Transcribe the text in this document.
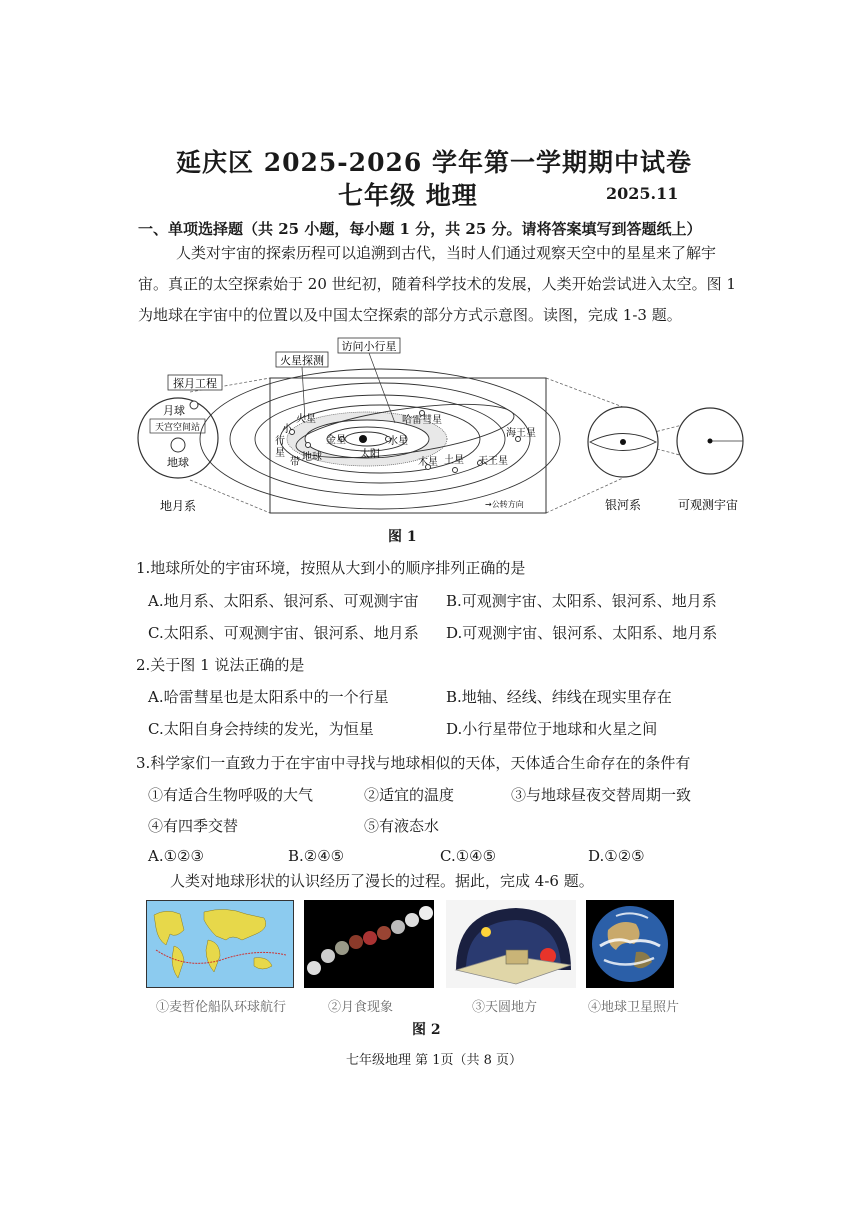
延庆区 2025-2026 学年第一学期期中试卷
七年级 地理	2025.11
一、单项选择题（共 25 小题，每小题 1 分，共 25 分。请将答案填写到答题纸上）
人类对宇宙的探索历程可以追溯到古代，当时人们通过观察天空中的星星来了解宇
宙。真正的太空探索始于 20 世纪初，随着科学技术的发展，人类开始尝试进入太空。图 1
为地球在宇宙中的位置以及中国太空探索的部分方式示意图。读图，完成 1-3 题。
探月工程
月球
天宫空间站
地球
地月系
火星探测
访问小行星
小
火星
行
星
带
金星	水星
太阳
地球
哈雷彗星
木星 土星 天王星
海王星
→公转方向	银河系	可观测宇宙
图 1
1.地球所处的宇宙环境，按照从大到小的顺序排列正确的是
A.地月系、太阳系、银河系、可观测宇宙 B.可观测宇宙、太阳系、银河系、地月系
C.太阳系、可观测宇宙、银河系、地月系 D.可观测宇宙、银河系、太阳系、地月系
2.关于图 1 说法正确的是
A.哈雷彗星也是太阳系中的一个行星	B.地轴、经线、纬线在现实里存在
C.太阳自身会持续的发光，为恒星	D.小行星带位于地球和火星之间
3.科学家们一直致力于在宇宙中寻找与地球相似的天体，天体适合生命存在的条件有
①有适合生物呼吸的大气	②适宜的温度	③与地球昼夜交替周期一致
④有四季交替	⑤有液态水
A.①②③	B.②④⑤	C.①④⑤	D.①②⑤
人类对地球形状的认识经历了漫长的过程。据此，完成 4-6 题。
①麦哲伦船队环球航行	②月食现象	③天圆地方	④地球卫星照片
图 2
七年级地理 第 1页（共 8 页）
